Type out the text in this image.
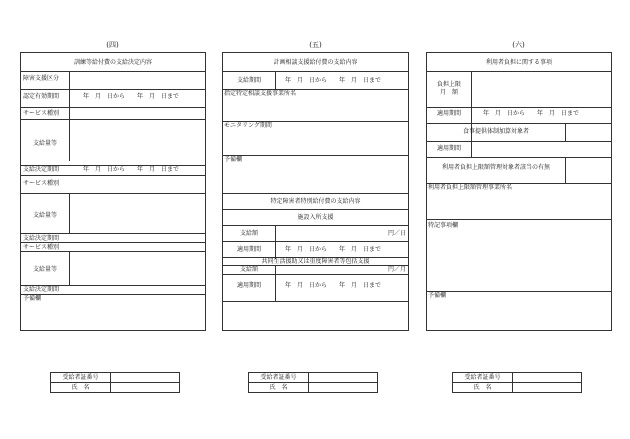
(四)	(五)	(六)
訓練等給付費の支給決定内容
障害支援区分
認定有効期間	年　月　日から　　年　月　日まで
サービス種別
支給量等
支給決定期間	年　月　日から　　年　月　日まで
サービス種別
支給量等
支給決定期間
サービス種別
支給量等
支給決定期間
予備欄
計画相談支援給付費の支給内容
支給期間	年　月　日から　　年　月　日まで
指定特定相談支援事業所名
モニタリング期間
予備欄
特定障害者特別給付費の支給内容
施設入所支援
支給額	円／日
適用期間	年　月　日から　　年　月　日まで
共同生活援助又は重度障害者等包括支援
支給額	円／月
適用期間	年　月　日から　　年　月　日まで
利用者負担に関する事項
負担上限
月　額
適用期間	年　月　日から　　年　月　日まで
食事提供体制加算対象者
適用期間
利用者負担上限額管理対象者該当の有無
利用者負担上限額管理事業所名
特記事項欄
予備欄
受給者証番号
氏　名
受給者証番号
氏　名
受給者証番号
氏　名
